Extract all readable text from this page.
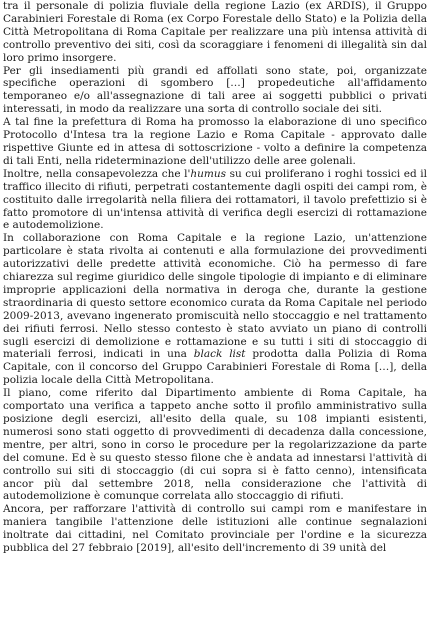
tra il personale di polizia fluviale della regione Lazio (ex ARDIS), il Gruppo Carabinieri Forestale di Roma (ex Corpo Forestale dello Stato) e la Polizia della Città Metropolitana di Roma Capitale per realizzare una più intensa attività di controllo preventivo dei siti, così da scoraggiare i fenomeni di illegalità sin dal loro primo insorgere.

Per gli insediamenti più grandi ed affollati sono state, poi, organizzate specifiche operazioni di sgombero […] propedeutiche all'affidamento temporaneo e/o all'assegnazione di tali aree ai soggetti pubblici o privati interessati, in modo da realizzare una sorta di controllo sociale dei siti.

A tal fine la prefettura di Roma ha promosso la elaborazione di uno specifico Protocollo d'Intesa tra la regione Lazio e Roma Capitale - approvato dalle rispettive Giunte ed in attesa di sottoscrizione - volto a definire la competenza di tali Enti, nella rideterminazione dell'utilizzo delle aree golenali.

Inoltre, nella consapevolezza che l'humus su cui proliferano i roghi tossici ed il traffico illecito di rifiuti, perpetrati costantemente dagli ospiti dei campi rom, è costituito dalle irregolarità nella filiera dei rottamatori, il tavolo prefettizio si è fatto promotore di un'intensa attività di verifica degli esercizi di rottamazione e autodemolizione.

In collaborazione con Roma Capitale e la regione Lazio, un'attenzione particolare è stata rivolta ai contenuti e alla formulazione dei provvedimenti autorizzativi delle predette attività economiche. Ciò ha permesso di fare chiarezza sul regime giuridico delle singole tipologie di impianto e di eliminare improprie applicazioni della normativa in deroga che, durante la gestione straordinaria di questo settore economico curata da Roma Capitale nel periodo 2009-2013, avevano ingenerato promiscuità nello stoccaggio e nel trattamento dei rifiuti ferrosi. Nello stesso contesto è stato avviato un piano di controlli sugli esercizi di demolizione e rottamazione e su tutti i siti di stoccaggio di materiali ferrosi, indicati in una black list prodotta dalla Polizia di Roma Capitale, con il concorso del Gruppo Carabinieri Forestale di Roma […], della polizia locale della Città Metropolitana.

Il piano, come riferito dal Dipartimento ambiente di Roma Capitale, ha comportato una verifica a tappeto anche sotto il profilo amministrativo sulla posizione degli esercizi, all'esito della quale, su 108 impianti esistenti, numerosi sono stati oggetto di provvedimenti di decadenza dalla concessione, mentre, per altri, sono in corso le procedure per la regolarizzazione da parte del comune. Ed è su questo stesso filone che è andata ad innestarsi l'attività di controllo sui siti di stoccaggio (di cui sopra si è fatto cenno), intensificata ancor più dal settembre 2018, nella considerazione che l'attività di autodemolizione è comunque correlata allo stoccaggio di rifiuti.

Ancora, per rafforzare l'attività di controllo sui campi rom e manifestare in maniera tangibile l'attenzione delle istituzioni alle continue segnalazioni inoltrate dai cittadini, nel Comitato provinciale per l'ordine e la sicurezza pubblica del 27 febbraio [2019], all'esito dell'incremento di 39 unità del
